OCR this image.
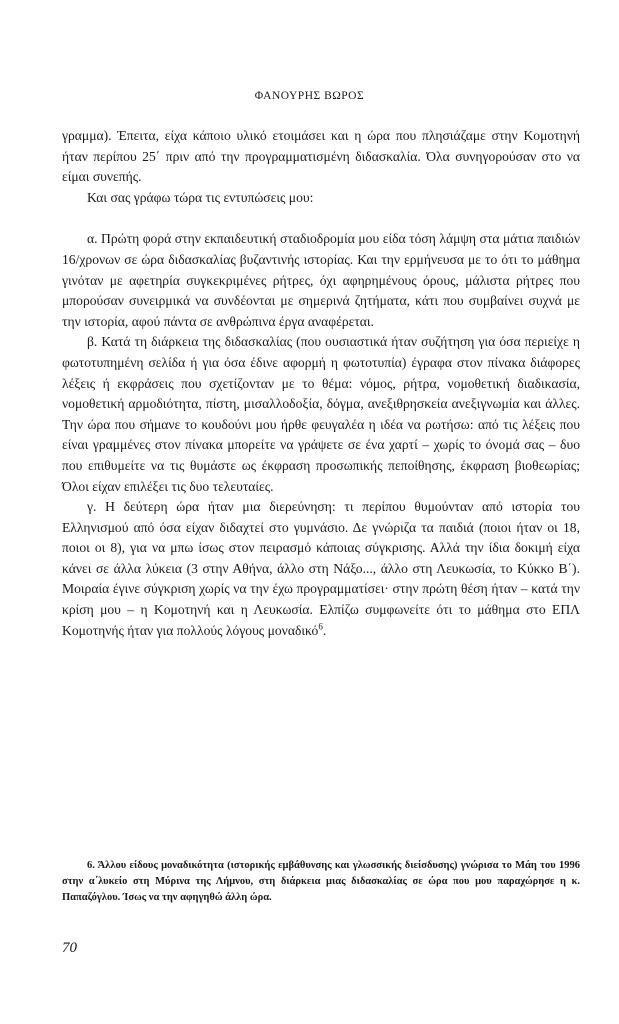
ΦΑΝΟΥΡΗΣ ΒΩΡΟΣ

γραμμα). Έπειτα, είχα κάποιο υλικό ετοιμάσει και η ώρα που πλησιάζαμε στην Κομοτηνή ήταν περίπου 25΄ πριν από την προγραμματισμένη διδασκαλία. Όλα συνηγορούσαν στο να είμαι συνεπής.

Και σας γράφω τώρα τις εντυπώσεις μου:

α. Πρώτη φορά στην εκπαιδευτική σταδιοδρομία μου είδα τόση λάμψη στα μάτια παιδιών 16/χρονων σε ώρα διδασκαλίας βυζαντινής ιστορίας. Και την ερμήνευσα με το ότι το μάθημα γινόταν με αφετηρία συγκεκριμένες ρήτρες, όχι αφηρημένους όρους, μάλιστα ρήτρες που μπορούσαν συνειρμικά να συνδέονται με σημερινά ζητήματα, κάτι που συμβαίνει συχνά με την ιστορία, αφού πάντα σε ανθρώπινα έργα αναφέρεται.

β. Κατά τη διάρκεια της διδασκαλίας (που ουσιαστικά ήταν συζήτηση για όσα περιείχε η φωτοτυπημένη σελίδα ή για όσα έδινε αφορμή η φωτοτυπία) έγραφα στον πίνακα διάφορες λέξεις ή εκφράσεις που σχετίζονταν με το θέμα: νόμος, ρήτρα, νομοθετική διαδικασία, νομοθετική αρμοδιότητα, πίστη, μισαλλοδοξία, δόγμα, ανεξιθρησκεία ανεξιγνωμία και άλλες. Την ώρα που σήμανε το κουδούνι μου ήρθε φευγαλέα η ιδέα να ρωτήσω: από τις λέξεις που είναι γραμμένες στον πίνακα μπορείτε να γράψετε σε ένα χαρτί – χωρίς το όνομά σας – δυο που επιθυμείτε να τις θυμάστε ως έκφραση προσωπικής πεποίθησης, έκφραση βιοθεωρίας; Όλοι είχαν επιλέξει τις δυο τελευταίες.

γ. Η δεύτερη ώρα ήταν μια διερεύνηση: τι περίπου θυμούνταν από ιστορία του Ελληνισμού από όσα είχαν διδαχτεί στο γυμνάσιο. Δε γνώριζα τα παιδιά (ποιοι ήταν οι 18, ποιοι οι 8), για να μπω ίσως στον πειρασμό κάποιας σύγκρισης. Αλλά την ίδια δοκιμή είχα κάνει σε άλλα λύκεια (3 στην Αθήνα, άλλο στη Νάξο..., άλλο στη Λευκωσία, το Κύκκο Β΄). Μοιραία έγινε σύγκριση χωρίς να την έχω προγραμματίσει· στην πρώτη θέση ήταν – κατά την κρίση μου – η Κομοτηνή και η Λευκωσία. Ελπίζω συμφωνείτε ότι το μάθημα στο ΕΠΛ Κομοτηνής ήταν για πολλούς λόγους μοναδικό$^6$.

6. Άλλου είδους μοναδικότητα (ιστορικής εμβάθυνσης και γλωσσικής διείσδυσης) γνώρισα το Μάη του 1996 στην α΄λυκείο στη Μύρινα της Λήμνου, στη διάρκεια μιας διδασκαλίας σε ώρα που μου παραχώρησε η κ. Παπαζόγλου. Ίσως να την αφηγηθώ άλλη ώρα.

70
